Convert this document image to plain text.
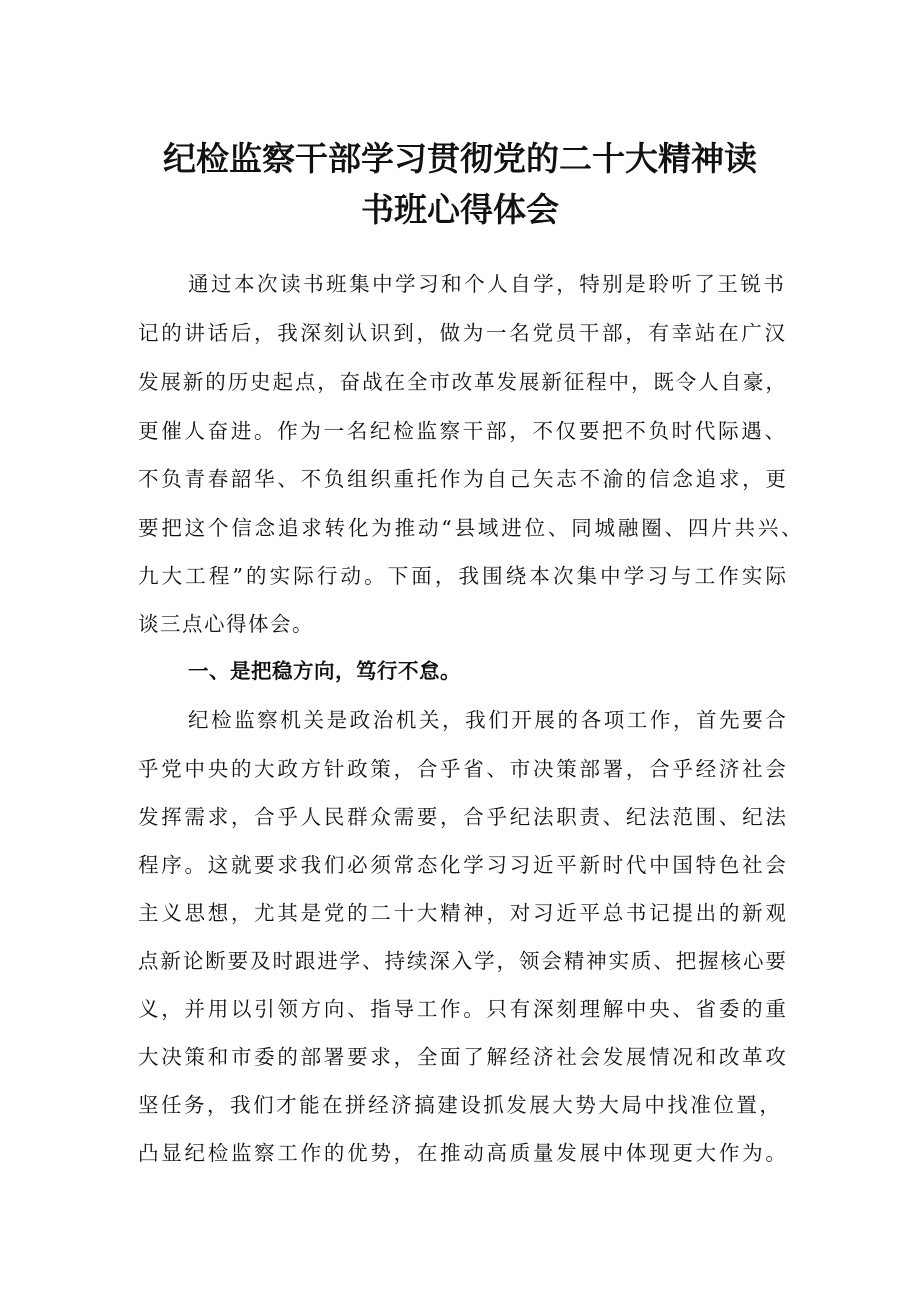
纪检监察干部学习贯彻党的二十大精神读
书班心得体会
通 过 本 次 读 书 班 集 中 学 习 和 个 人 自 学 ， 特 别 是 聆 听 了 王 锐 书
记 的 讲 话 后 ， 我 深 刻 认 识 到 ， 做 为 一 名 党 员 干 部 ， 有 幸 站 在 广 汉
发 展 新 的 历 史 起 点 ， 奋 战 在 全 市 改 革 发 展 新 征 程 中 ， 既 令 人 自 豪 ，
更 催 人 奋 进 。 作 为 一 名 纪 检 监 察 干 部 ， 不 仅 要 把 不 负 时 代 际 遇 、
不 负 青 春 韶 华 、 不 负 组 织 重 托 作 为 自 己 矢 志 不 渝 的 信 念 追 求 ， 更
要 把 这 个 信 念 追 求 转 化 为 推 动 “ 县 域 进 位 、 同 城 融 圈 、 四 片 共 兴 、
九 大 工 程 ” 的 实 际 行 动 。 下 面 ， 我 围 绕 本 次 集 中 学 习 与 工 作 实 际
谈三点心得体会。
一、是把稳方向，笃行不怠。
纪 检 监 察 机 关 是 政 治 机 关 ， 我 们 开 展 的 各 项 工 作 ， 首 先 要 合
乎 党 中 央 的 大 政 方 针 政 策 ， 合 乎 省 、 市 决 策 部 署 ， 合 乎 经 济 社 会
发 挥 需 求 ， 合 乎 人 民 群 众 需 要 ， 合 乎 纪 法 职 责 、 纪 法 范 围 、 纪 法
程 序 。 这 就 要 求 我 们 必 须 常 态 化 学 习 习 近 平 新 时 代 中 国 特 色 社 会
主 义 思 想 ， 尤 其 是 党 的 二 十 大 精 神 ， 对 习 近 平 总 书 记 提 出 的 新 观
点 新 论 断 要 及 时 跟 进 学 、 持 续 深 入 学 ， 领 会 精 神 实 质 、 把 握 核 心 要
义 ， 并 用 以 引 领 方 向 、 指 导 工 作 。 只 有 深 刻 理 解 中 央 、 省 委 的 重
大 决 策 和 市 委 的 部 署 要 求 ， 全 面 了 解 经 济 社 会 发 展 情 况 和 改 革 攻
坚 任 务 ， 我 们 才 能 在 拼 经 济 搞 建 设 抓 发 展 大 势 大 局 中 找 准 位 置 ，
凸 显 纪 检 监 察 工 作 的 优 势 ， 在 推 动 高 质 量 发 展 中 体 现 更 大 作 为 。
